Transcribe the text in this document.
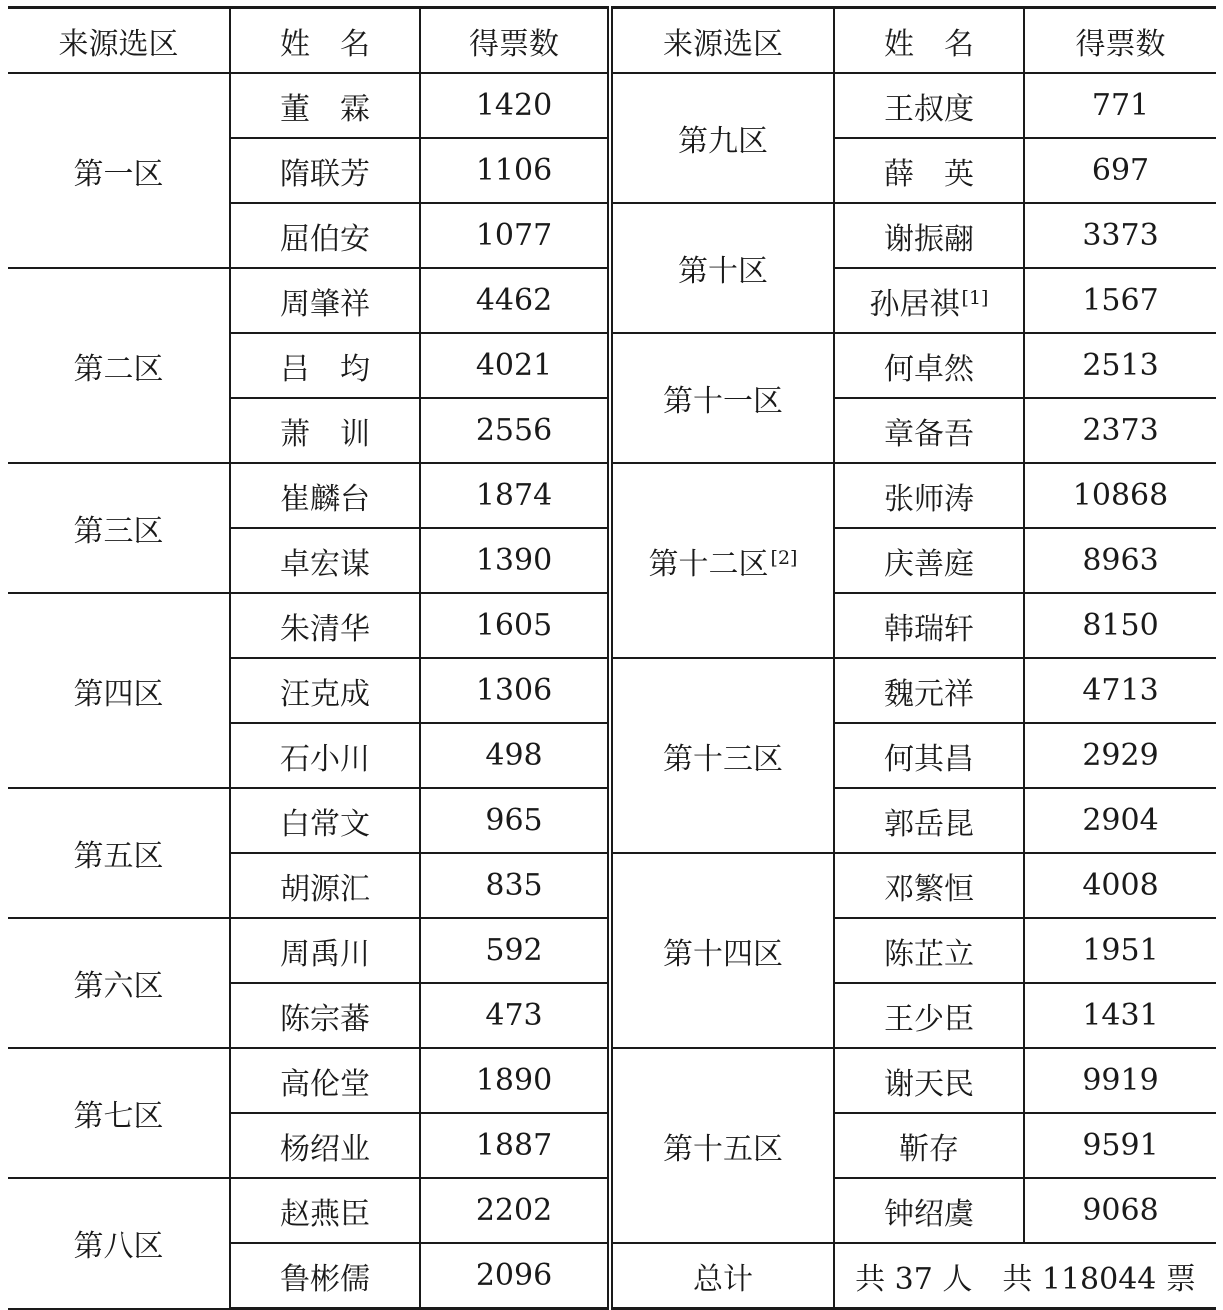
来源选区	姓　名	得票数	来源选区	姓　名	得票数
第一区	董　霖	1420	第九区	王叔度	771
	隋联芳	1106		薛　英	697
	屈伯安	1077	第十区	谢振翮	3373
第二区	周肇祥	4462		孙居祺 [1]	1567
	吕　均	4021	第十一区	何卓然	2513
	萧　训	2556		章备吾	2373
第三区	崔麟台	1874	第十二区 [2]	张师涛	10868
	卓宏谋	1390		庆善庭	8963
第四区	朱清华	1605		韩瑞轩	8150
	汪克成	1306	第十三区	魏元祥	4713
	石小川	498		何其昌	2929
第五区	白常文	965		郭岳昆	2904
	胡源汇	835	第十四区	邓繁恒	4008
第六区	周禹川	592		陈芷立	1951
	陈宗蕃	473		王少臣	1431
第七区	高伦堂	1890	第十五区	谢天民	9919
	杨绍业	1887		靳存	9591
第八区	赵燕臣	2202		钟绍虞	9068
	鲁彬儒	2096	总计	共 37 人　共 118044 票	
